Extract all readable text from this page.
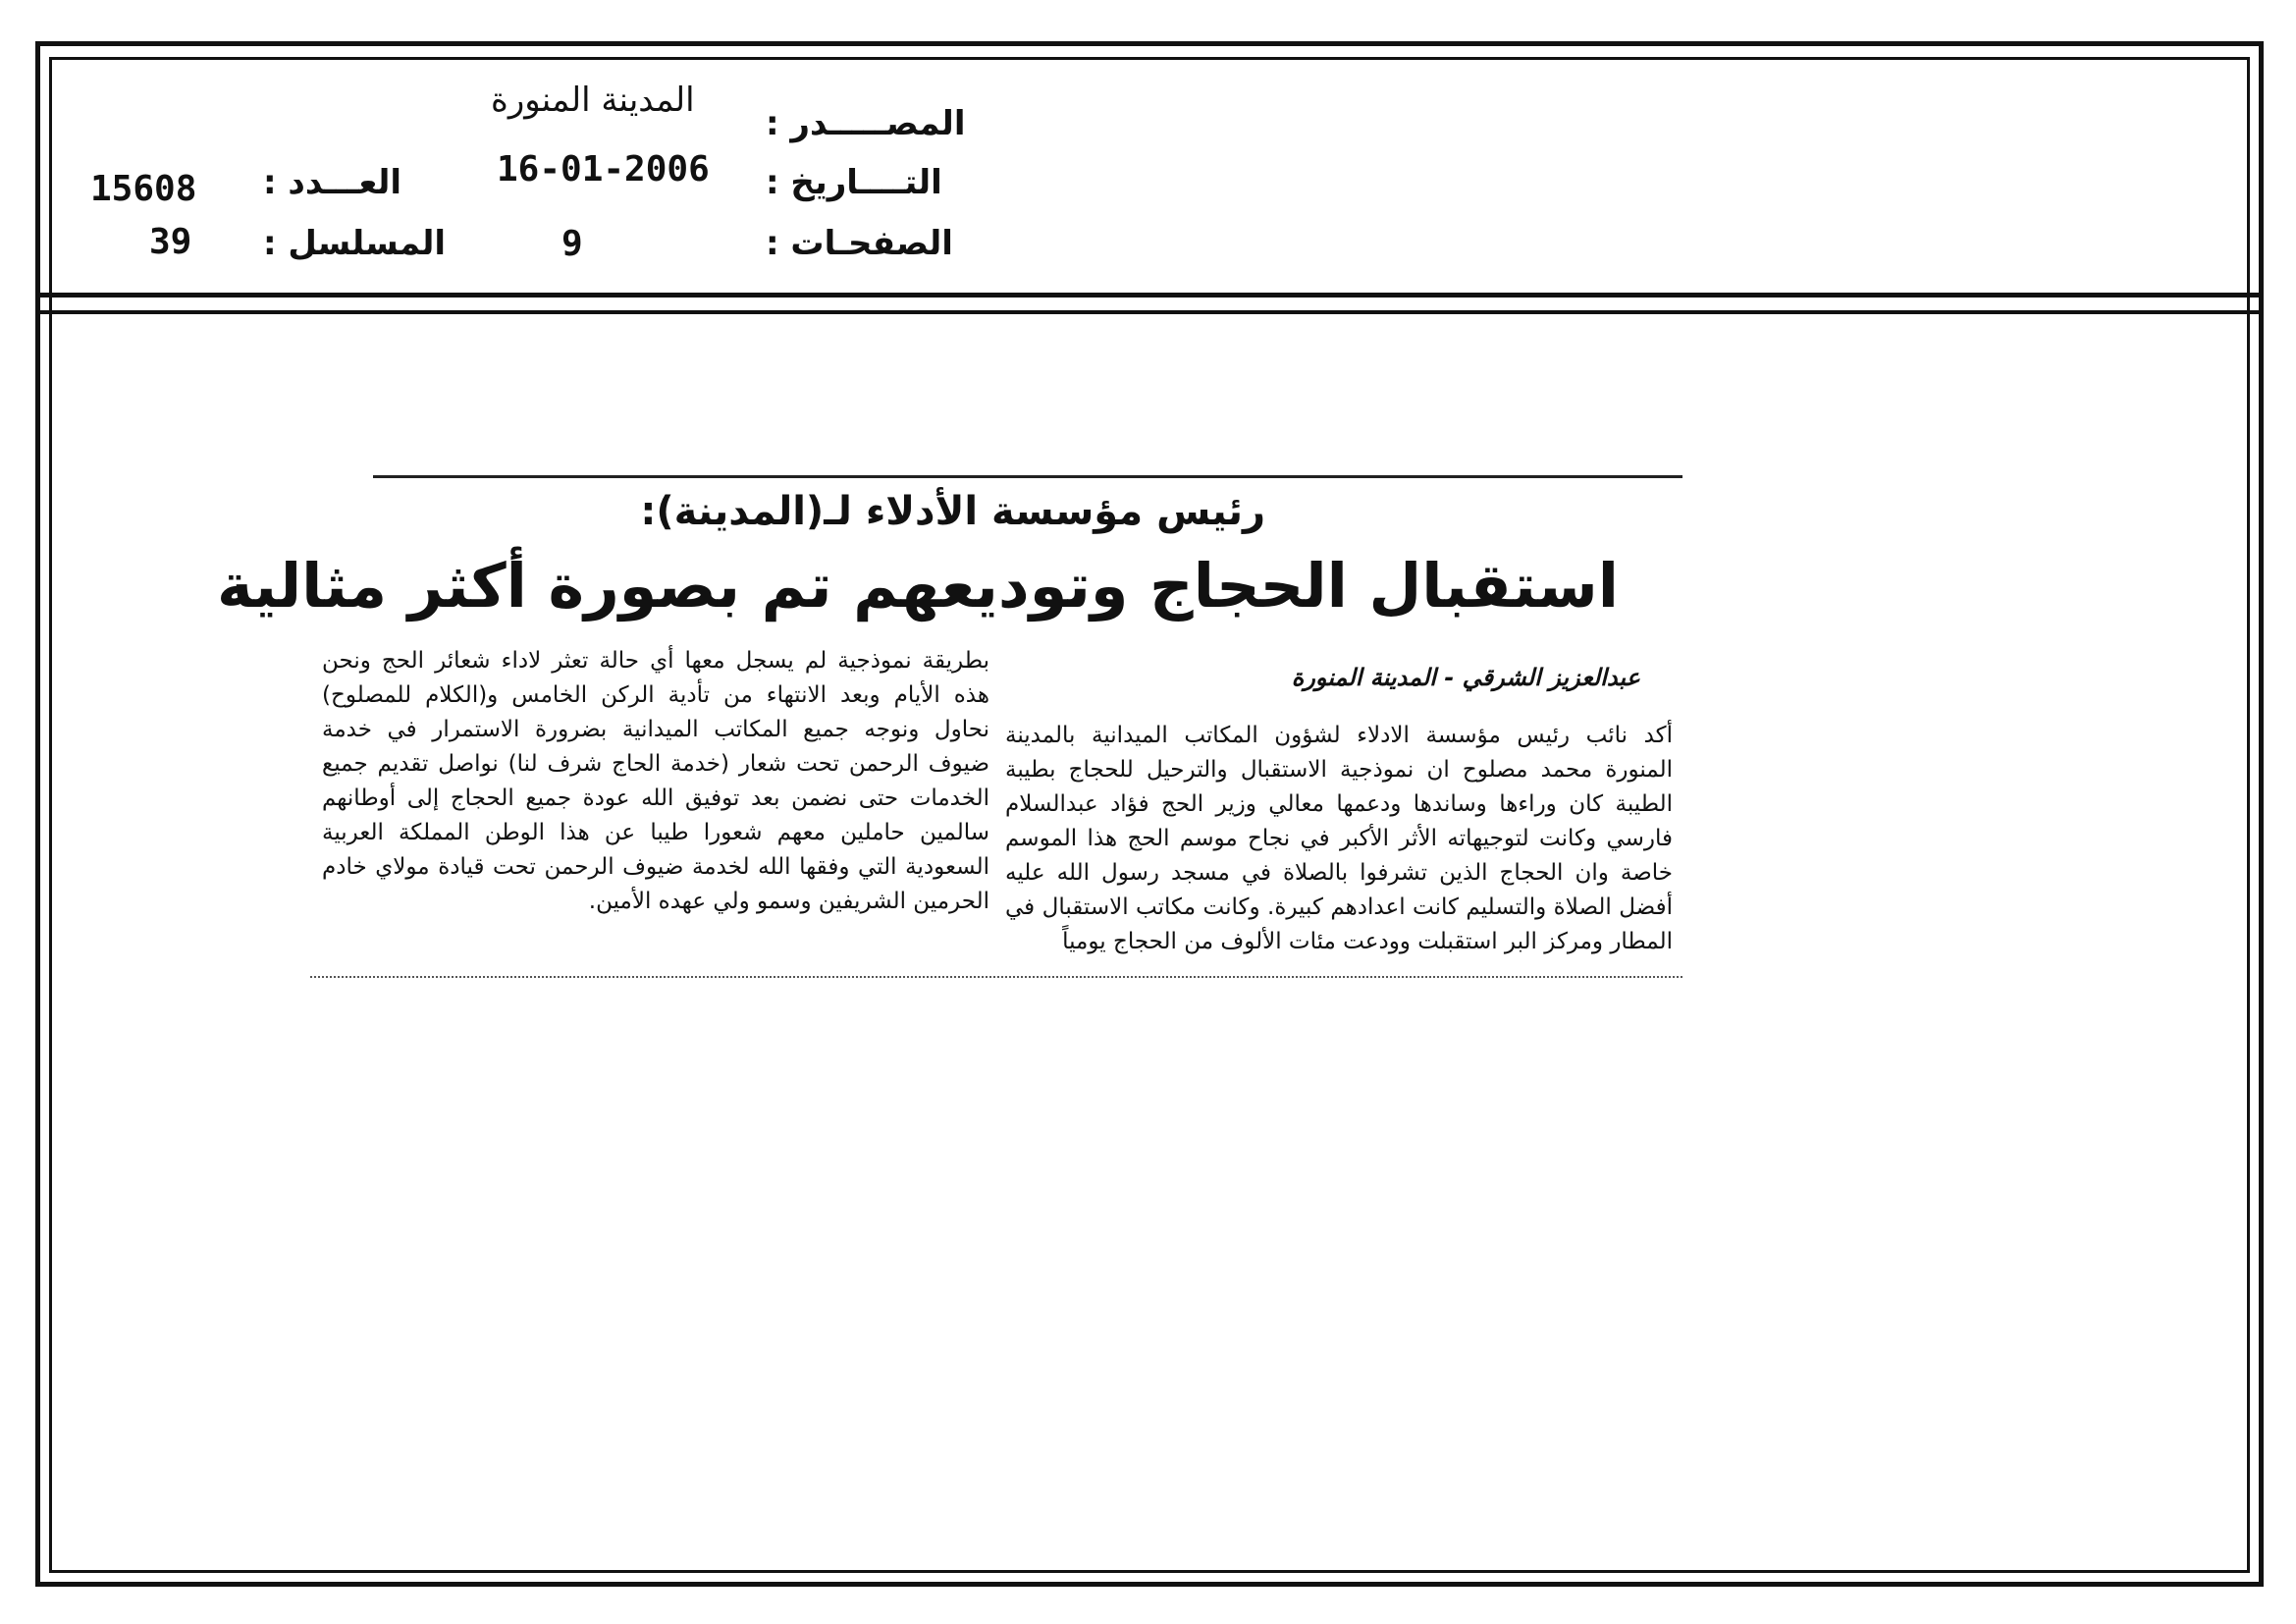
المدينة المنورة
المصـــــدر :
16-01-2006 التــــاريخ :
9	الصفحـات :
15608 العـــدد :
39 المسلسل :
رئيس مؤسسة الأدلاء لـ(المدينة):
استقبال الحجاج وتوديعهم تم بصورة أكثر مثالية
عبدالعزيز الشرقي - المدينة المنورة

أكد نائب رئيس مؤسسة الادلاء لشؤون المكاتب الميدانية بالمدينة المنورة محمد مصلوح ان نموذجية الاستقبال والترحيل للحجاج بطيبة الطيبة كان وراءها وساندها ودعمها معالي وزير الحج فؤاد عبدالسلام فارسي وكانت لتوجيهاته الأثر الأكبر في نجاح موسم الحج هذا الموسم خاصة وان الحجاج الذين تشرفوا بالصلاة في مسجد رسول الله عليه أفضل الصلاة والتسليم كانت اعدادهم كبيرة. وكانت مكاتب الاستقبال في المطار ومركز البر استقبلت وودعت مئات الألوف من الحجاج يومياً

بطريقة نموذجية لم يسجل معها أي حالة تعثر لاداء شعائر الحج ونحن هذه الأيام وبعد الانتهاء من تأدية الركن الخامس و(الكلام للمصلوح) نحاول ونوجه جميع المكاتب الميدانية بضرورة الاستمرار في خدمة ضيوف الرحمن تحت شعار (خدمة الحاج شرف لنا) نواصل تقديم جميع الخدمات حتى نضمن بعد توفيق الله عودة جميع الحجاج إلى أوطانهم سالمين حاملين معهم شعورا طيبا عن هذا الوطن المملكة العربية السعودية التي وفقها الله لخدمة ضيوف الرحمن تحت قيادة مولاي خادم الحرمين الشريفين وسمو ولي عهده الأمين.
